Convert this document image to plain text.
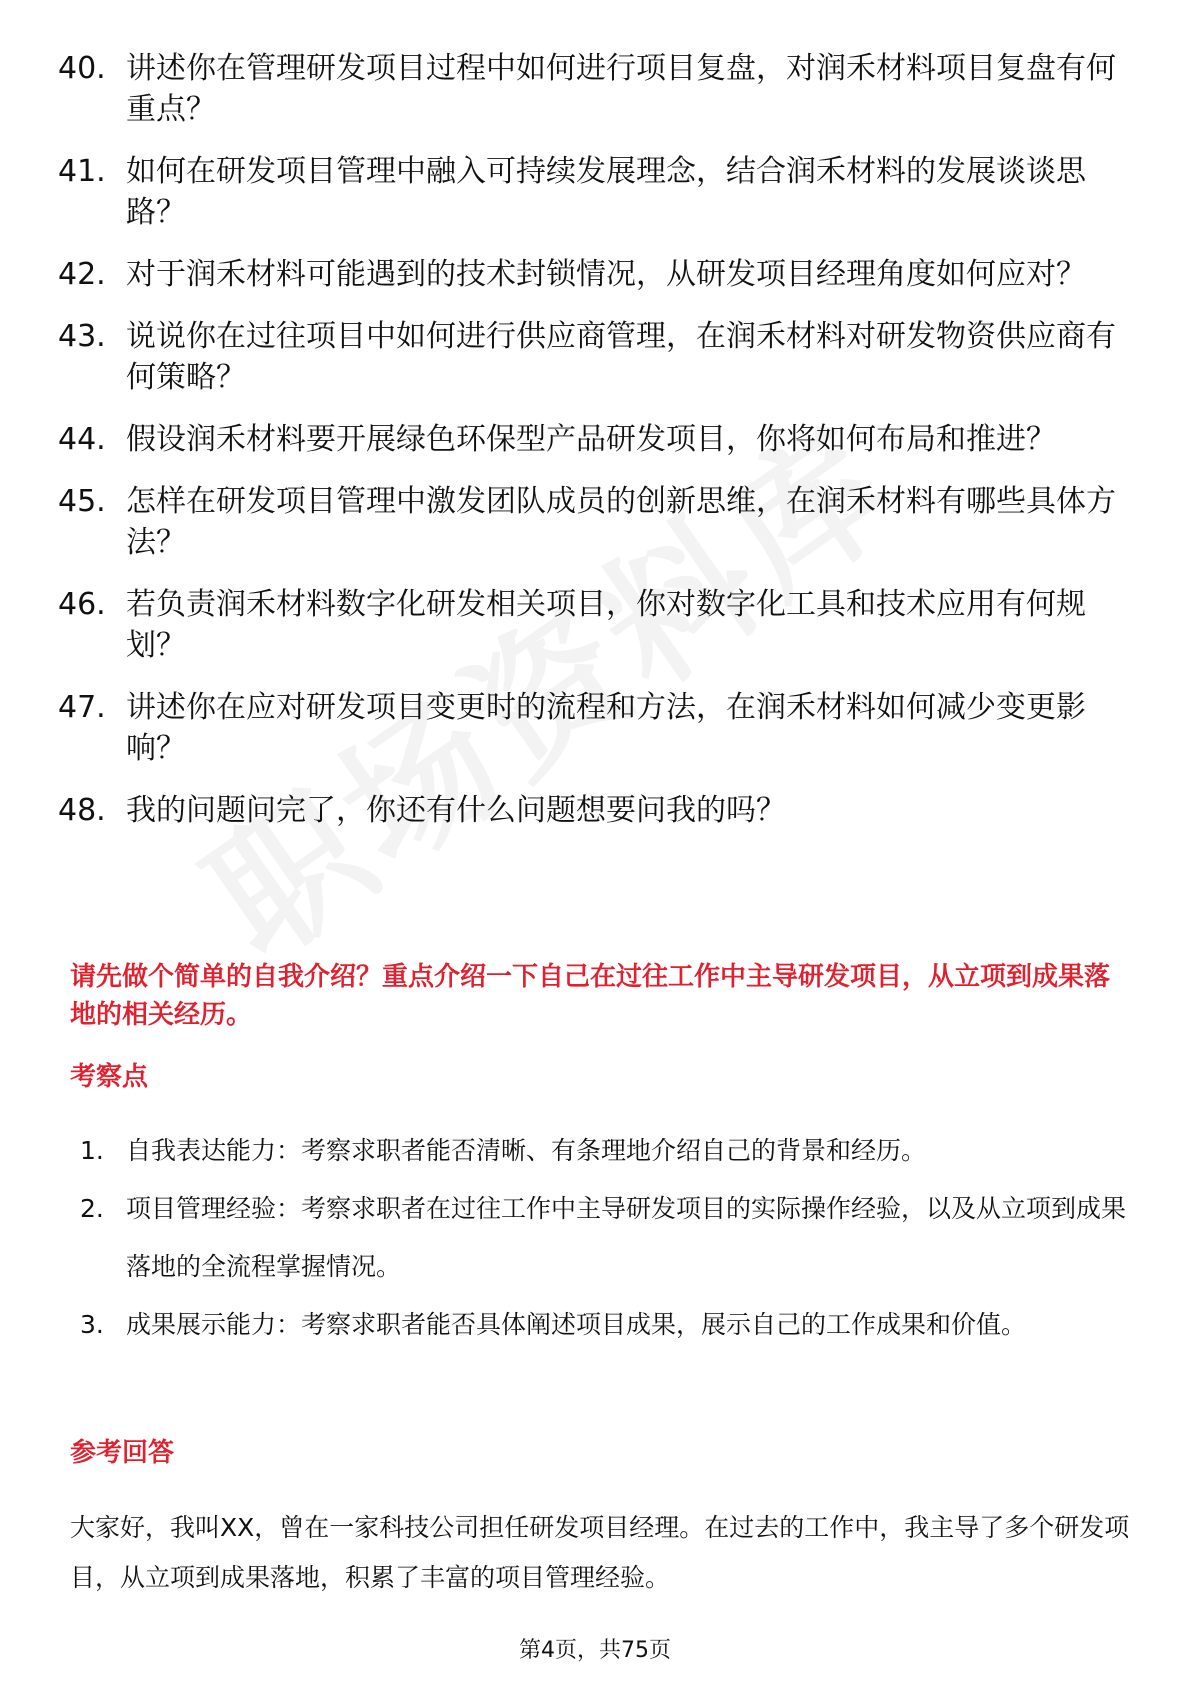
40. 讲述你在管理研发项目过程中如何进行项目复盘，对润禾材料项目复盘有何重点？
41. 如何在研发项目管理中融入可持续发展理念，结合润禾材料的发展谈谈思路？
42. 对于润禾材料可能遇到的技术封锁情况，从研发项目经理角度如何应对？
43. 说说你在过往项目中如何进行供应商管理，在润禾材料对研发物资供应商有何策略？
44. 假设润禾材料要开展绿色环保型产品研发项目，你将如何布局和推进？
45. 怎样在研发项目管理中激发团队成员的创新思维，在润禾材料有哪些具体方法？
46. 若负责润禾材料数字化研发相关项目，你对数字化工具和技术应用有何规划？
47. 讲述你在应对研发项目变更时的流程和方法，在润禾材料如何减少变更影响？
48. 我的问题问完了，你还有什么问题想要问我的吗？
请先做个简单的自我介绍？重点介绍一下自己在过往工作中主导研发项目，从立项到成果落地的相关经历。
考察点
1. 自我表达能力：考察求职者能否清晰、有条理地介绍自己的背景和经历。
2. 项目管理经验：考察求职者在过往工作中主导研发项目的实际操作经验，以及从立项到成果落地的全流程掌握情况。
3. 成果展示能力：考察求职者能否具体阐述项目成果，展示自己的工作成果和价值。
参考回答
大家好，我叫XX，曾在一家科技公司担任研发项目经理。在过去的工作中，我主导了多个研发项目，从立项到成果落地，积累了丰富的项目管理经验。
第4页，共75页
